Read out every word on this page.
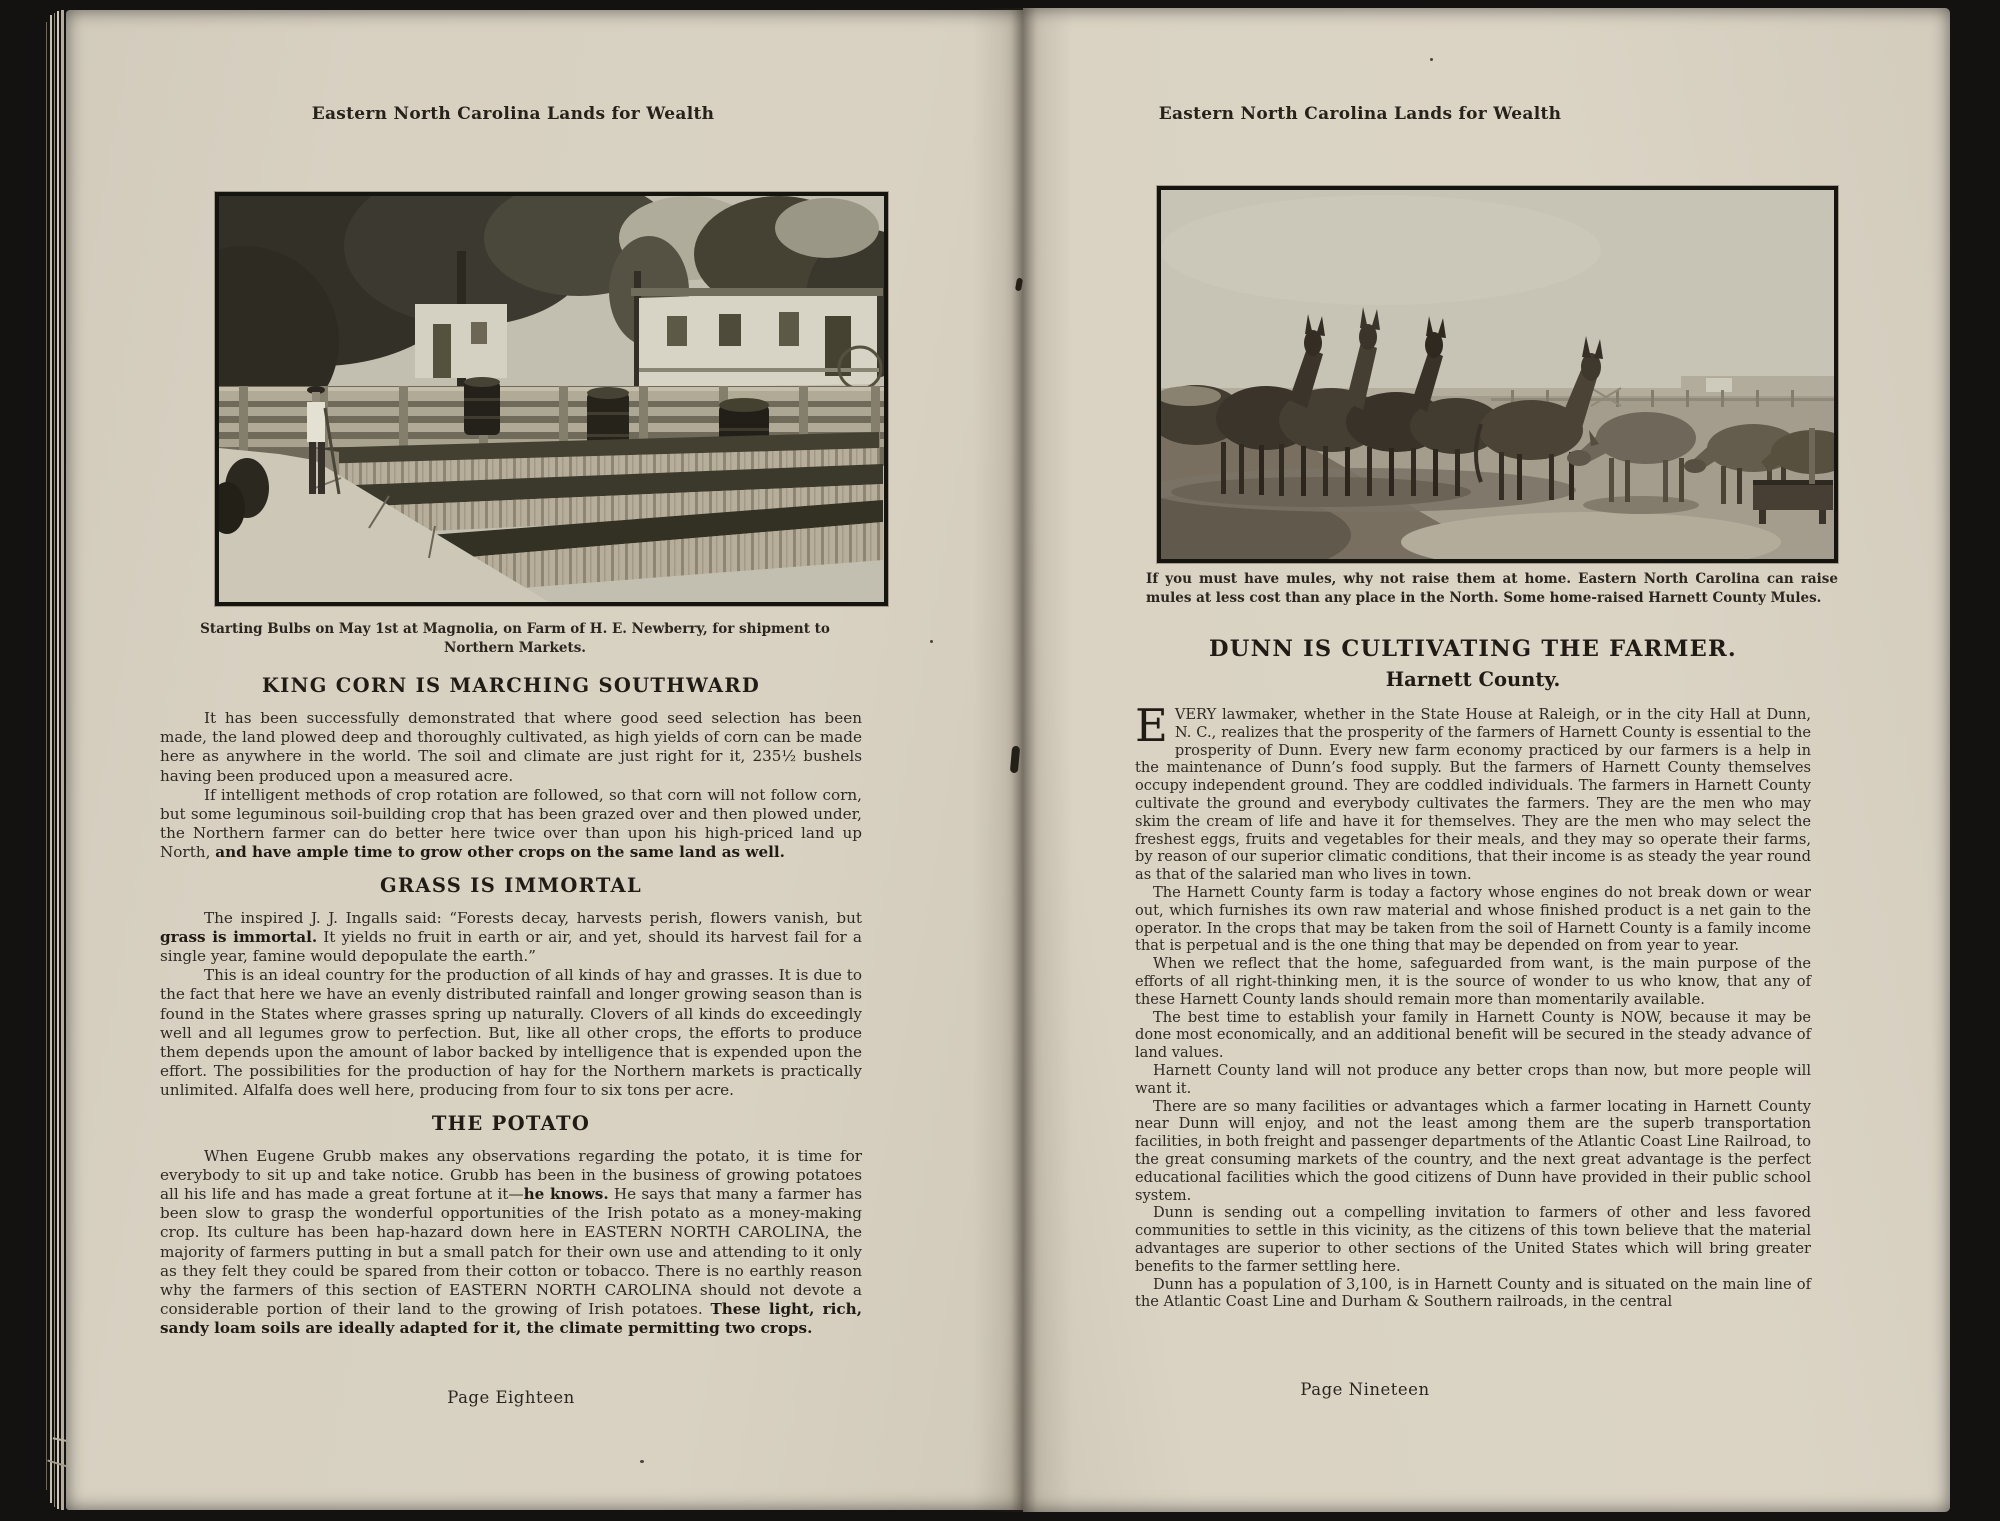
Eastern North Carolina Lands for Wealth
Starting Bulbs on May 1st at Magnolia, on Farm of H. E. Newberry, for shipment to Northern Markets.
KING CORN IS MARCHING SOUTHWARD

It has been successfully demonstrated that where good seed selection has been made, the land plowed deep and thoroughly cultivated, as high yields of corn can be made here as anywhere in the world. The soil and climate are just right for it, 235½ bushels having been produced upon a measured acre.

If intelligent methods of crop rotation are followed, so that corn will not follow corn, but some leguminous soil-building crop that has been grazed over and then plowed under, the Northern farmer can do better here twice over than upon his high-priced land up North, and have ample time to grow other crops on the same land as well.

GRASS IS IMMORTAL

The inspired J. J. Ingalls said: “Forests decay, harvests perish, flowers vanish, but grass is immortal. It yields no fruit in earth or air, and yet, should its harvest fail for a single year, famine would depopulate the earth.”

This is an ideal country for the production of all kinds of hay and grasses. It is due to the fact that here we have an evenly distributed rainfall and longer growing season than is found in the States where grasses spring up naturally. Clovers of all kinds do exceedingly well and all legumes grow to perfection. But, like all other crops, the efforts to produce them depends upon the amount of labor backed by intelligence that is expended upon the effort. The possibilities for the production of hay for the Northern markets is practically unlimited. Alfalfa does well here, producing from four to six tons per acre.

THE POTATO

When Eugene Grubb makes any observations regarding the potato, it is time for everybody to sit up and take notice. Grubb has been in the business of growing potatoes all his life and has made a great fortune at it—he knows. He says that many a farmer has been slow to grasp the wonderful opportunities of the Irish potato as a money-making crop. Its culture has been hap-hazard down here in EASTERN NORTH CAROLINA, the majority of farmers putting in but a small patch for their own use and attending to it only as they felt they could be spared from their cotton or tobacco. There is no earthly reason why the farmers of this section of EASTERN NORTH CAROLINA should not devote a considerable portion of their land to the growing of Irish potatoes. These light, rich, sandy loam soils are ideally adapted for it, the climate permitting two crops.

Page Eighteen
Eastern North Carolina Lands for Wealth
If you must have mules, why not raise them at home. Eastern North Carolina can raise mules at less cost than any place in the North. Some home-raised Harnett County Mules.
DUNN IS CULTIVATING THE FARMER.
Harnett County.

EVERY lawmaker, whether in the State House at Raleigh, or in the city Hall at Dunn, N. C., realizes that the prosperity of the farmers of Harnett County is essential to the prosperity of Dunn. Every new farm economy practiced by our farmers is a help in the maintenance of Dunn’s food supply. But the farmers of Harnett County themselves occupy independent ground. They are coddled individuals. The farmers in Harnett County cultivate the ground and everybody cultivates the farmers. They are the men who may skim the cream of life and have it for themselves. They are the men who may select the freshest eggs, fruits and vegetables for their meals, and they may so operate their farms, by reason of our superior climatic conditions, that their income is as steady the year round as that of the salaried man who lives in town.

The Harnett County farm is today a factory whose engines do not break down or wear out, which furnishes its own raw material and whose finished product is a net gain to the operator. In the crops that may be taken from the soil of Harnett County is a family income that is perpetual and is the one thing that may be depended on from year to year.

When we reflect that the home, safeguarded from want, is the main purpose of the efforts of all right-thinking men, it is the source of wonder to us who know, that any of these Harnett County lands should remain more than momentarily available.

The best time to establish your family in Harnett County is NOW, because it may be done most economically, and an additional benefit will be secured in the steady advance of land values.

Harnett County land will not produce any better crops than now, but more people will want it.

There are so many facilities or advantages which a farmer locating in Harnett County near Dunn will enjoy, and not the least among them are the superb transportation facilities, in both freight and passenger departments of the Atlantic Coast Line Railroad, to the great consuming markets of the country, and the next great advantage is the perfect educational facilities which the good citizens of Dunn have provided in their public school system.

Dunn is sending out a compelling invitation to farmers of other and less favored communities to settle in this vicinity, as the citizens of this town believe that the material advantages are superior to other sections of the United States which will bring greater benefits to the farmer settling here.

Dunn has a population of 3,100, is in Harnett County and is situated on the main line of the Atlantic Coast Line and Durham & Southern railroads, in the central

Page Nineteen
